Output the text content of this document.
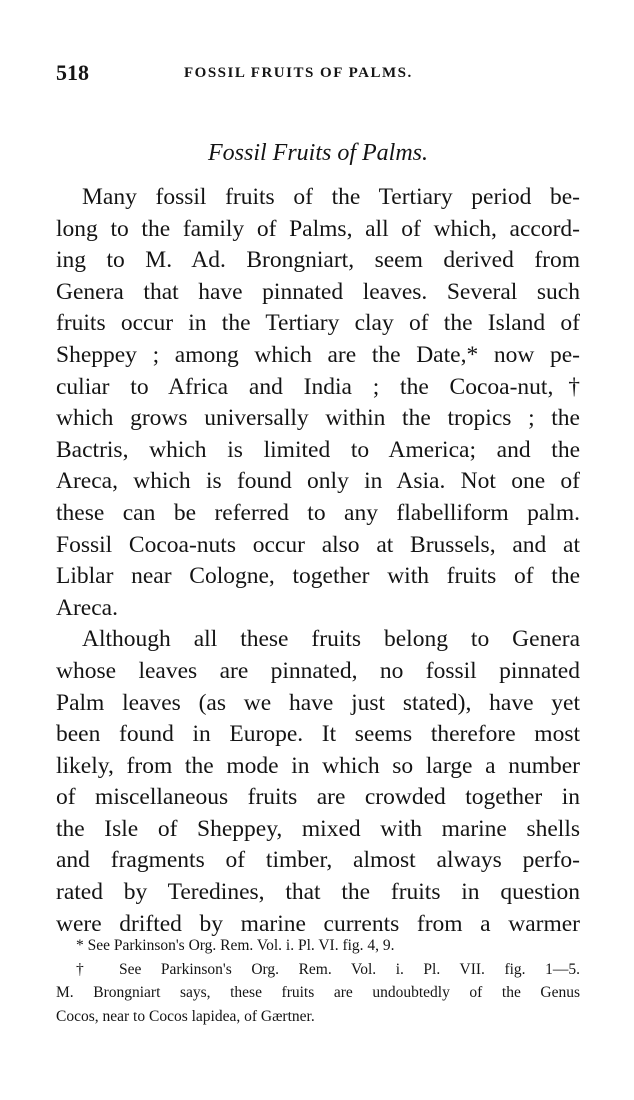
518	FOSSIL FRUITS OF PALMS.
Fossil Fruits of Palms.
Many fossil fruits of the Tertiary period be-
long to the family of Palms, all of which, accord-
ing to M. Ad. Brongniart, seem derived from
Genera that have pinnated leaves. Several such
fruits occur in the Tertiary clay of the Island of
Sheppey ; among which are the Date,* now pe-
culiar to Africa and India ; the Cocoa-nut,†
which grows universally within the tropics ; the
Bactris, which is limited to America; and the
Areca, which is found only in Asia. Not one of
these can be referred to any flabelliform palm.
Fossil Cocoa-nuts occur also at Brussels, and at
Liblar near Cologne, together with fruits of the
Areca.
Although all these fruits belong to Genera
whose leaves are pinnated, no fossil pinnated
Palm leaves (as we have just stated), have yet
been found in Europe. It seems therefore most
likely, from the mode in which so large a number
of miscellaneous fruits are crowded together in
the Isle of Sheppey, mixed with marine shells
and fragments of timber, almost always perfo-
rated by Teredines, that the fruits in question
were drifted by marine currents from a warmer
* See Parkinson's Org. Rem. Vol. i. Pl. VI. fig. 4, 9.
† See Parkinson's Org. Rem. Vol. i. Pl. VII. fig. 1—5.
M. Brongniart says, these fruits are undoubtedly of the Genus
Cocos, near to Cocos lapidea, of Gærtner.
